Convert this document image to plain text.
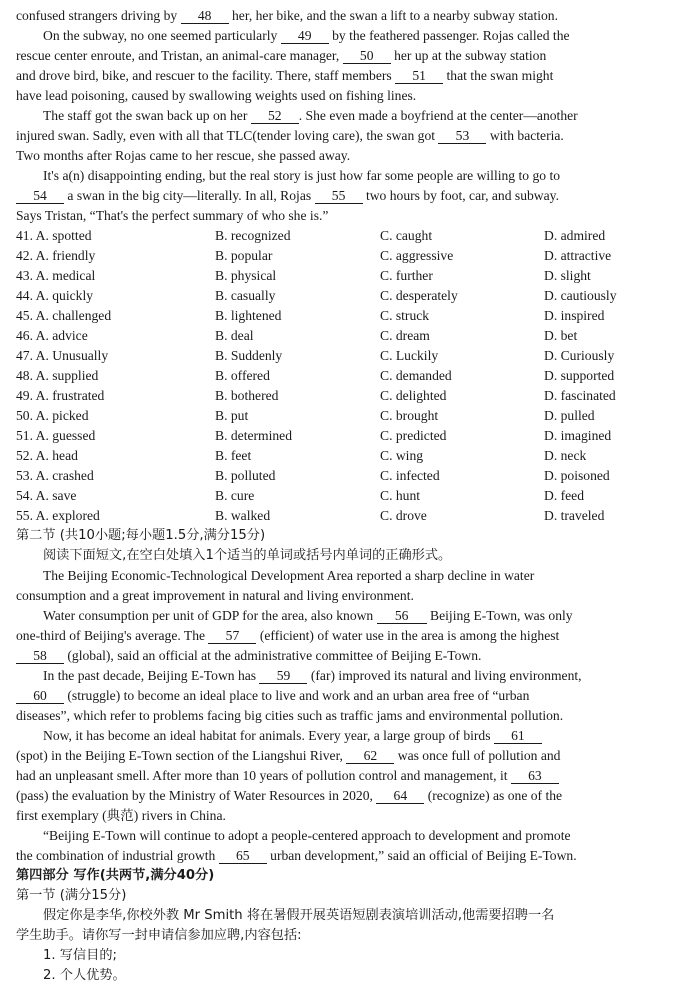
confused strangers driving by 48 her, her bike, and the swan a lift to a nearby subway station.
On the subway, no one seemed particularly 49 by the feathered passenger. Rojas called the
rescue center enroute, and Tristan, an animal-care manager, 50 her up at the subway station
and drove bird, bike, and rescuer to the facility. There, staff members 51 that the swan might
have lead poisoning, caused by swallowing weights used on fishing lines.
The staff got the swan back up on her 52 . She even made a boyfriend at the center—another
injured swan. Sadly, even with all that TLC(tender loving care), the swan got 53 with bacteria.
Two months after Rojas came to her rescue, she passed away.
It's a(n) disappointing ending, but the real story is just how far some people are willing to go to
54 a swan in the big city—literally. In all, Rojas 55 two hours by foot, car, and subway.
Says Tristan, “That's the perfect summary of who she is.”
41. A. spotted	B. recognized	C. caught	D. admired
42. A. friendly	B. popular	C. aggressive	D. attractive
43. A. medical	B. physical	C. further	D. slight
44. A. quickly	B. casually	C. desperately	D. cautiously
45. A. challenged	B. lightened	C. struck	D. inspired
46. A. advice	B. deal	C. dream	D. bet
47. A. Unusually	B. Suddenly	C. Luckily	D. Curiously
48. A. supplied	B. offered	C. demanded	D. supported
49. A. frustrated	B. bothered	C. delighted	D. fascinated
50. A. picked	B. put	C. brought	D. pulled
51. A. guessed	B. determined	C. predicted	D. imagined
52. A. head	B. feet	C. wing	D. neck
53. A. crashed	B. polluted	C. infected	D. poisoned
54. A. save	B. cure	C. hunt	D. feed
55. A. explored	B. walked	C. drove	D. traveled
第二节 (共10小题;每小题1.5分,满分15分)
阅读下面短文,在空白处填入1个适当的单词或括号内单词的正确形式。
The Beijing Economic-Technological Development Area reported a sharp decline in water
consumption and a great improvement in natural and living environment.
Water consumption per unit of GDP for the area, also known 56 Beijing E-Town, was only
one-third of Beijing's average. The 57 (efficient) of water use in the area is among the highest
58 (global), said an official at the administrative committee of Beijing E-Town.
In the past decade, Beijing E-Town has 59 (far) improved its natural and living environment,
60 (struggle) to become an ideal place to live and work and an urban area free of “urban
diseases”, which refer to problems facing big cities such as traffic jams and environmental pollution.
Now, it has become an ideal habitat for animals. Every year, a large group of birds 61
(spot) in the Beijing E-Town section of the Liangshui River, 62 was once full of pollution and
had an unpleasant smell. After more than 10 years of pollution control and management, it 63
(pass) the evaluation by the Ministry of Water Resources in 2020, 64 (recognize) as one of the
first exemplary (典范) rivers in China.
“Beijing E-Town will continue to adopt a people-centered approach to development and promote
the combination of industrial growth 65 urban development,” said an official of Beijing E-Town.
第四部分 写作(共两节,满分40分)
第一节 (满分15分)
假定你是李华,你校外教 Mr Smith 将在暑假开展英语短剧表演培训活动,他需要招聘一名
学生助手。请你写一封申请信参加应聘,内容包括:
1. 写信目的;
2. 个人优势。
